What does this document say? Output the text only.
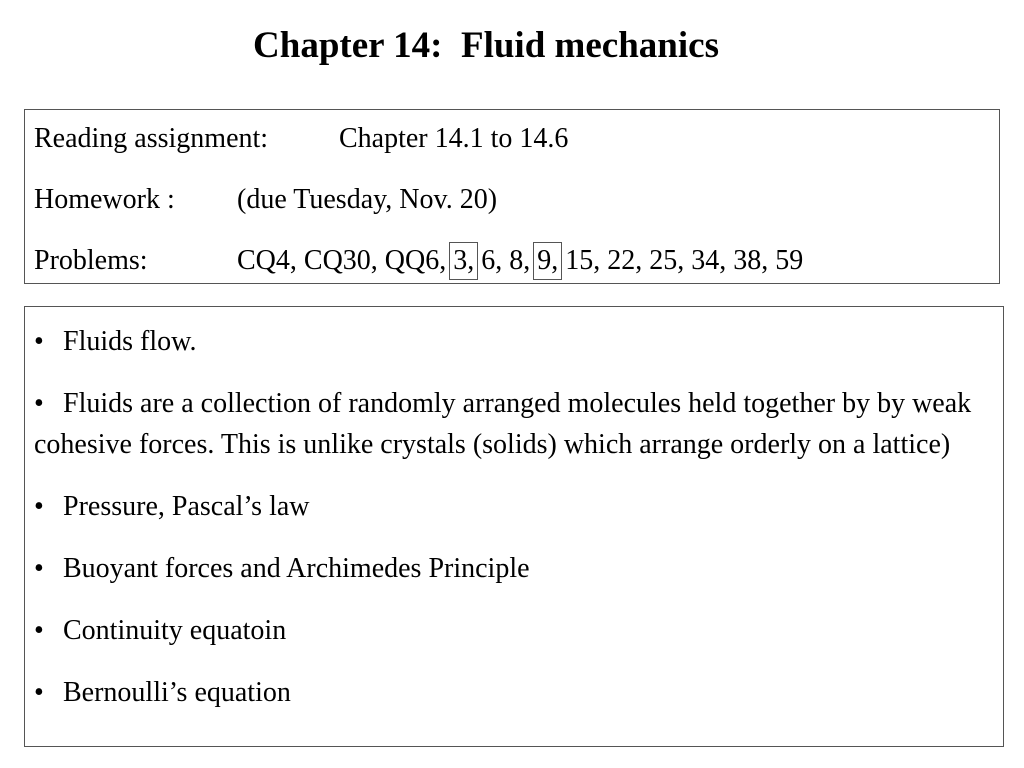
Chapter 14:  Fluid mechanics
Reading assignment:	Chapter 14.1 to 14.6
Homework : (due Tuesday, Nov. 20)
Problems:	CQ4, CQ30, QQ6, 3, 6, 8, 9, 15, 22, 25, 34, 38, 59
• Fluids flow.
• Fluids are a collection of randomly arranged molecules held together by by weak cohesive forces. This is unlike crystals (solids) which arrange orderly on a lattice)
• Pressure, Pascal’s law
• Buoyant forces and Archimedes Principle
• Continuity equatoin
• Bernoulli’s equation
